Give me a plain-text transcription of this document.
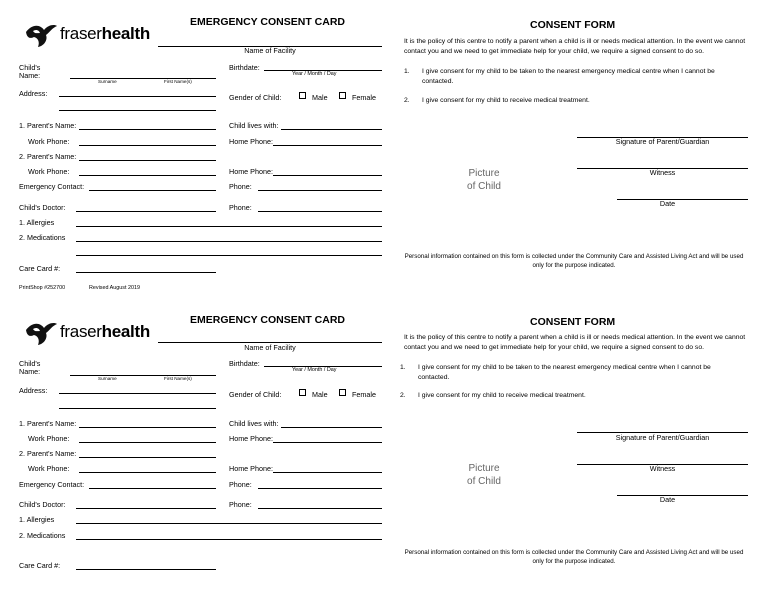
fraserhealth
EMERGENCY CONSENT CARD
Name of Facility
Child's
Name:
Surname	First Name(s)
Birthdate:
Year / Month / Day
Address:	Gender of Child:	Male	Female
1. Parent's Name:	Child lives with:
Work Phone:	Home Phone:
2. Parent's Name:
Work Phone:	Home Phone:
Emergency Contact:	Phone:
Child's Doctor:	Phone:
1. Allergies
2. Medications
Care Card #:
PrintShop #252700	Revised August 2019
CONSENT FORM
It is the policy of this centre to notify a parent when a child is ill or needs medical attention. In the event we cannot contact you and we need to get immediate help for your child, we require a signed consent to do so.
1. I give consent for my child to be taken to the nearest emergency medical centre when I cannot be contacted.
2. I give consent for my child to receive medical treatment.
Picture
of Child
Signature of Parent/Guardian
Witness
Date
Personal information contained on this form is collected under the Community Care and Assisted Living Act and will be used only for the purpose indicated.
fraserhealth
EMERGENCY CONSENT CARD
Name of Facility
Child's
Name:
Surname	First Name(s)
Birthdate:
Year / Month / Day
Address:	Gender of Child:	Male	Female
1. Parent's Name:	Child lives with:
Work Phone:	Home Phone:
2. Parent's Name:
Work Phone:	Home Phone:
Emergency Contact:	Phone:
Child's Doctor:	Phone:
1. Allergies
2. Medications
Care Card #:
CONSENT FORM
It is the policy of this centre to notify a parent when a child is ill or needs medical attention. In the event we cannot contact you and we need to get immediate help for your child, we require a signed consent to do so.
1. I give consent for my child to be taken to the nearest emergency medical centre when I cannot be contacted.
2. I give consent for my child to receive medical treatment.
Picture
of Child
Signature of Parent/Guardian
Witness
Date
Personal information contained on this form is collected under the Community Care and Assisted Living Act and will be used only for the purpose indicated.
